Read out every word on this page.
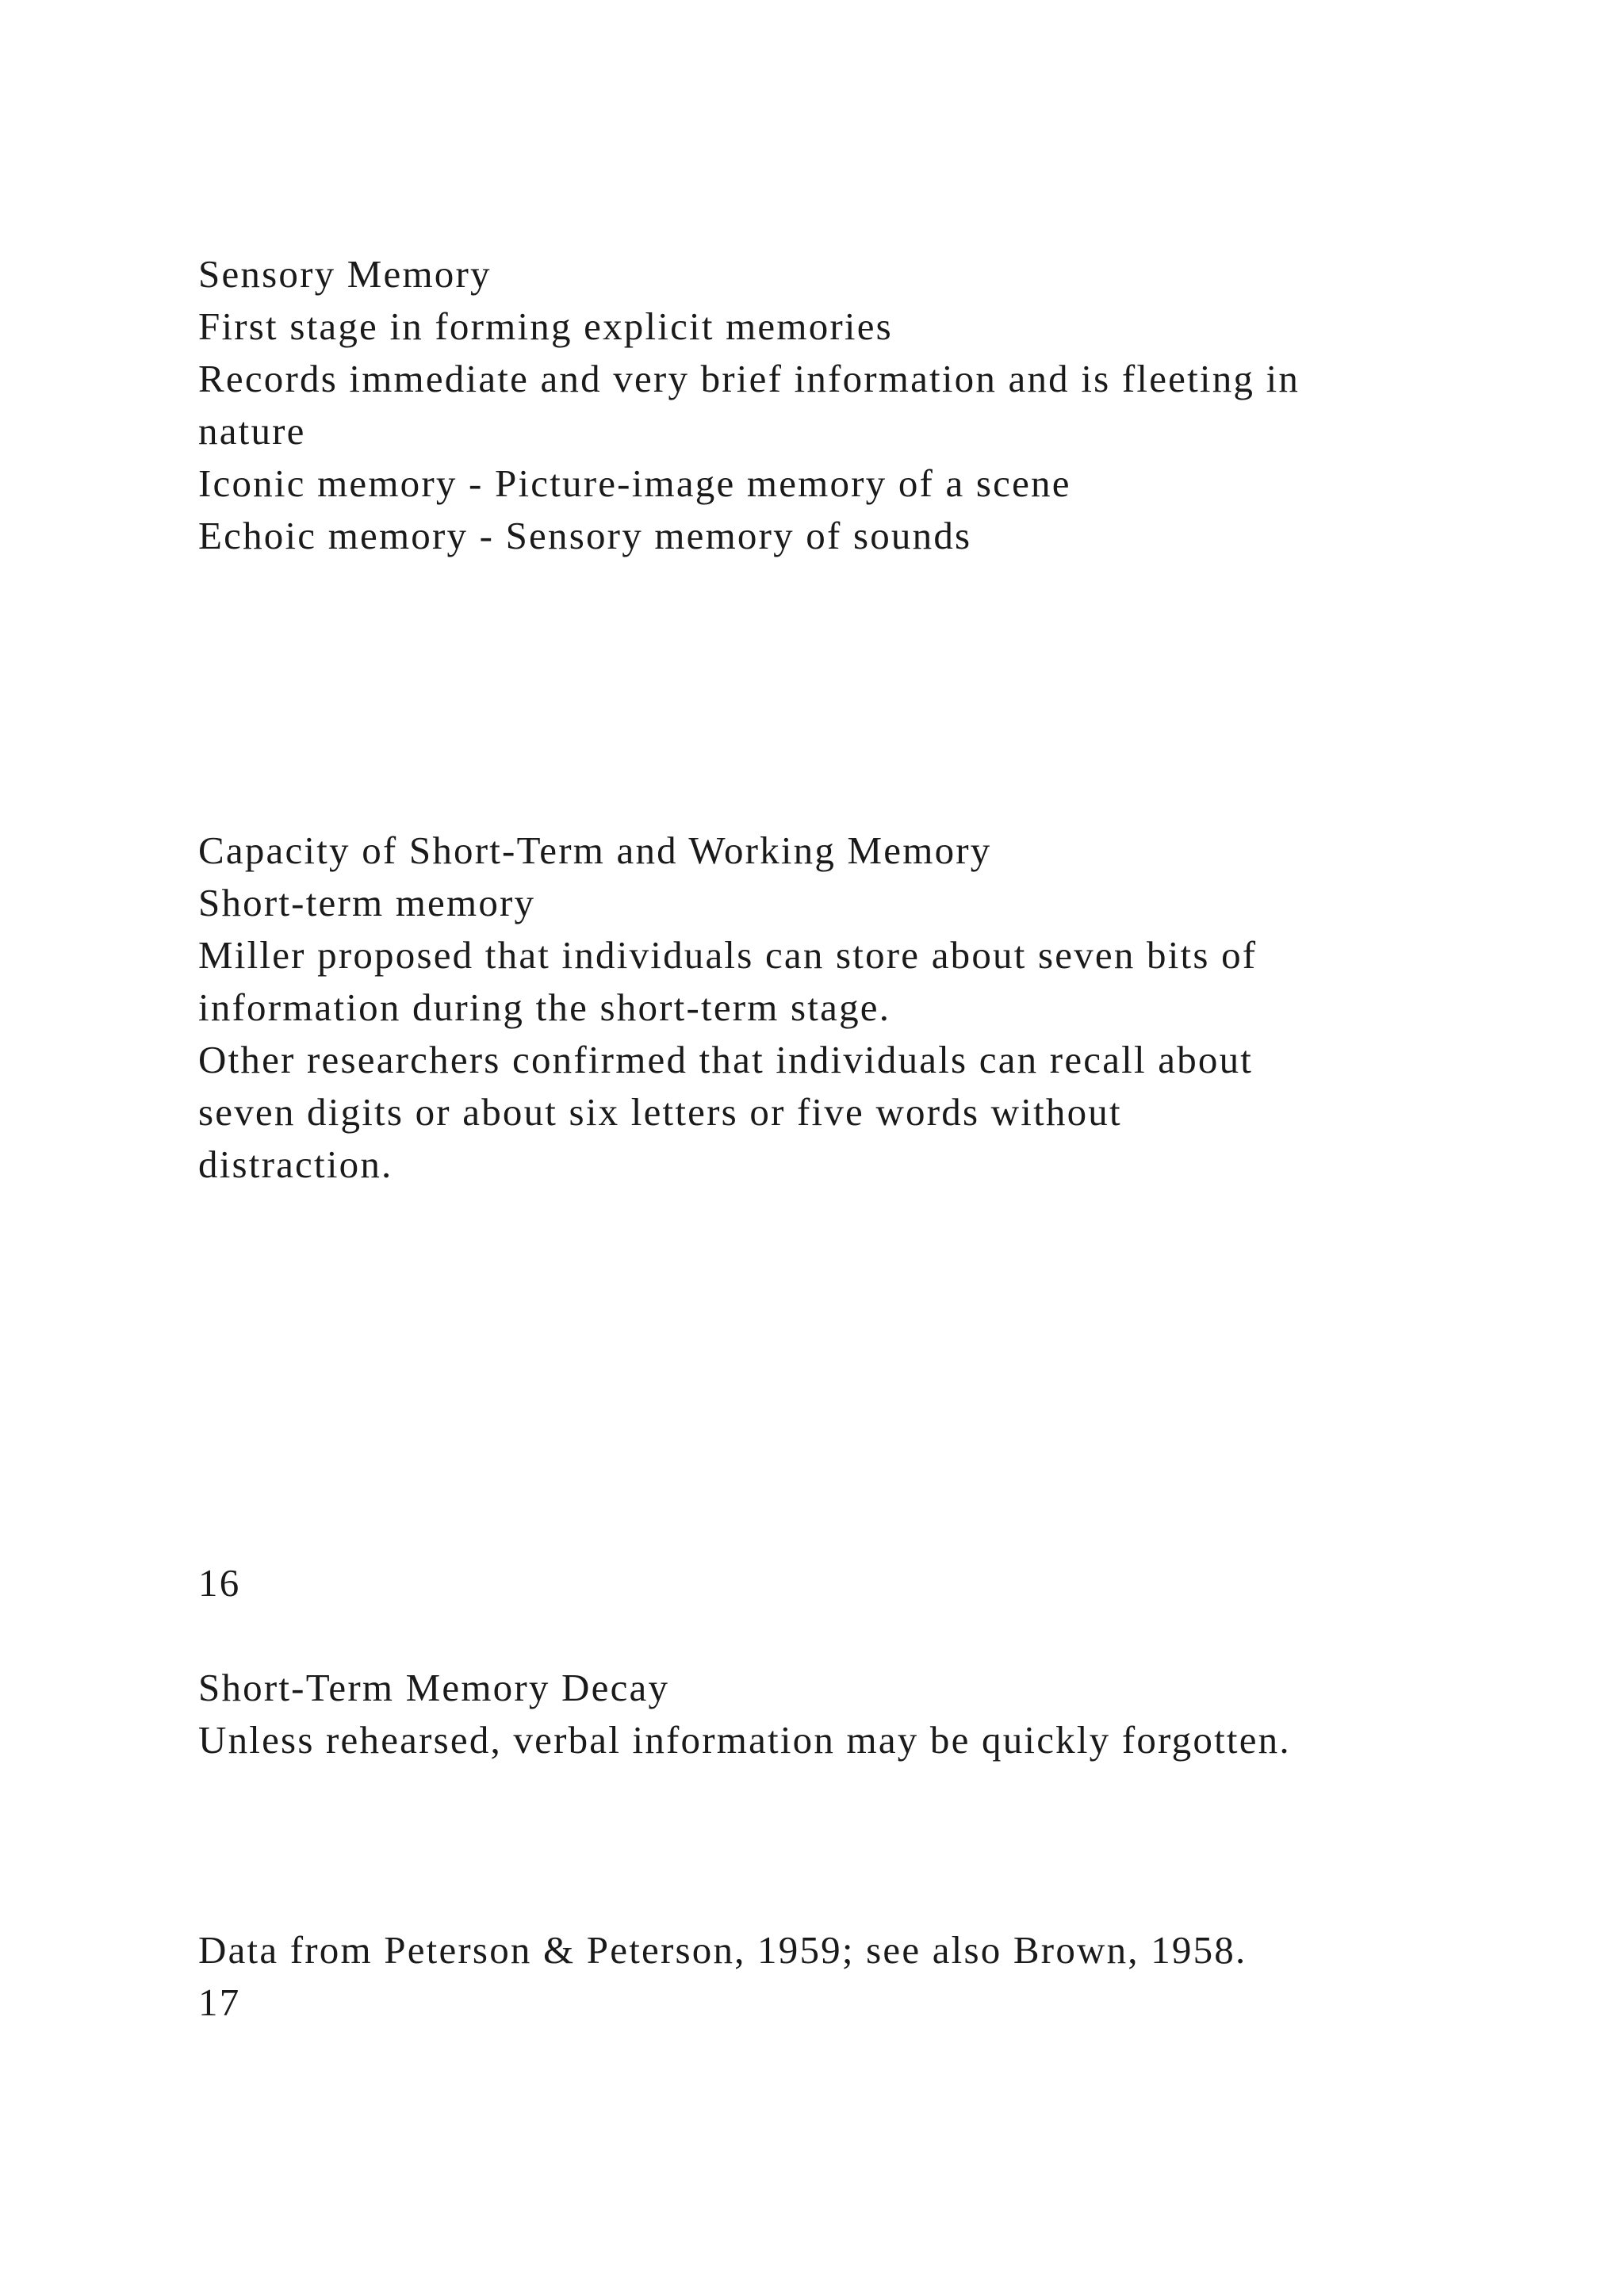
Sensory Memory

First stage in forming explicit memories

Records immediate and very brief information and is fleeting in

nature

Iconic memory - Picture-image memory of a scene

Echoic memory - Sensory memory of sounds

Capacity of Short-Term and Working Memory

Short-term memory

Miller proposed that individuals can store about seven bits of

information during the short-term stage.

Other researchers confirmed that individuals can recall about

seven digits or about six letters or five words without

distraction.

16

Short-Term Memory Decay

Unless rehearsed, verbal information may be quickly forgotten.

Data from Peterson & Peterson, 1959; see also Brown, 1958.

17
